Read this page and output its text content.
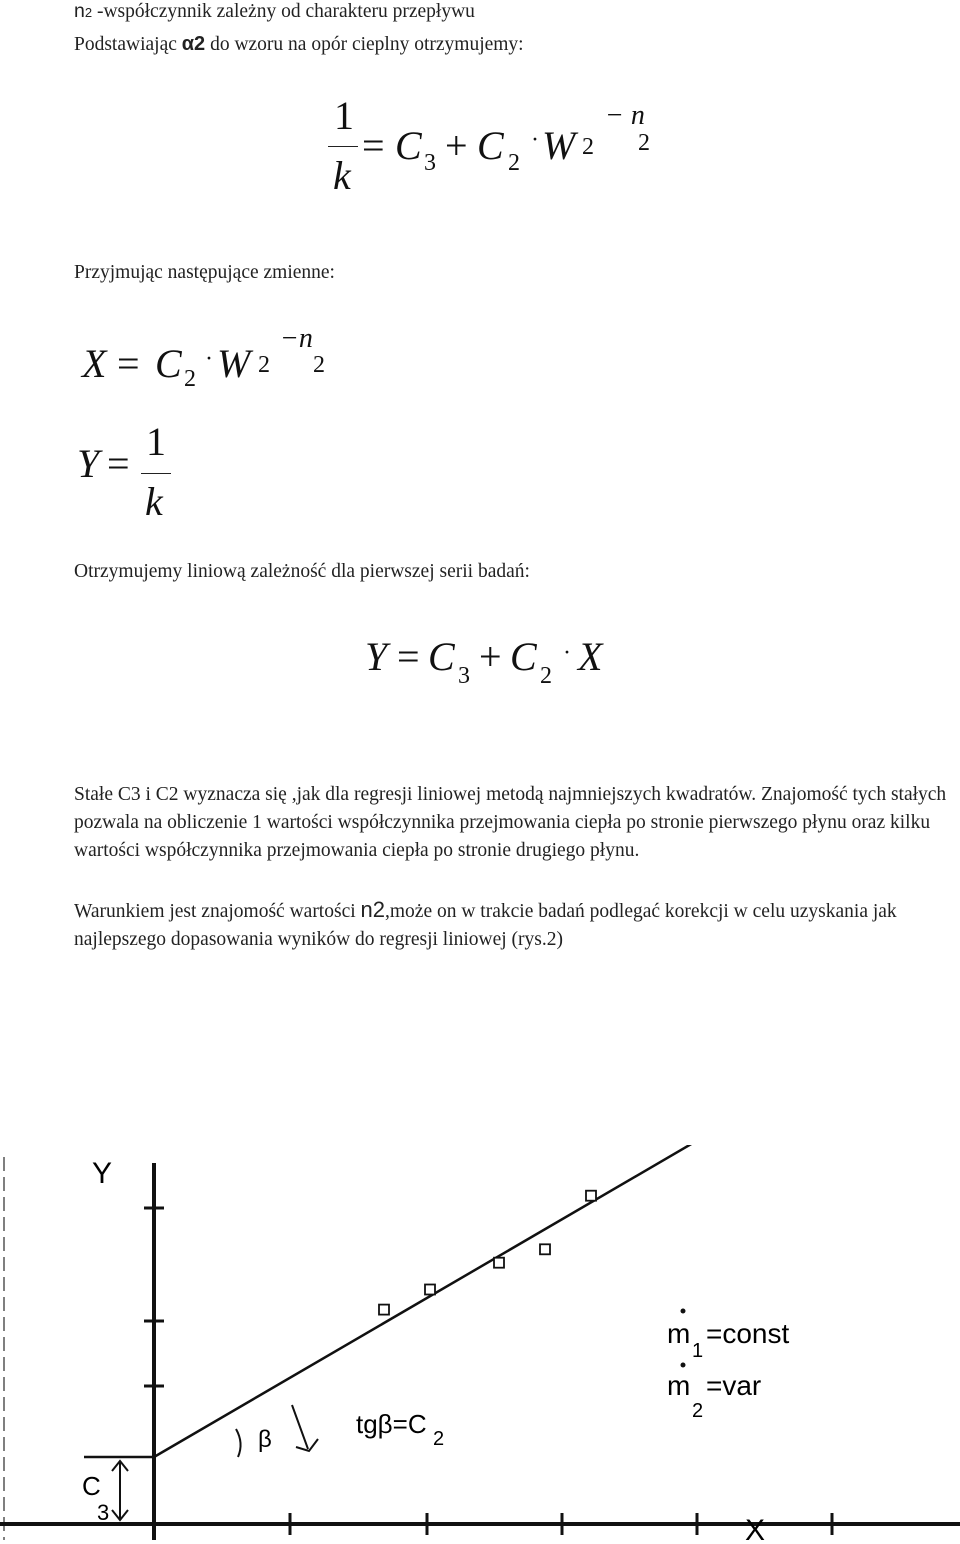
n2 -współczynnik zależny od charakteru przepływu
Podstawiając α2 do wzoru na opór cieplny otrzymujemy:
1
k
= C 3 + C 2
· W 2
− n
2
Przyjmując następujące zmienne:
X = C 2
· W 2
−n
2
Y = 1
k
Otrzymujemy liniową zależność dla pierwszej serii badań:
Y = C 3 + C 2
· X
Stałe C3 i C2 wyznacza się ,jak dla regresji liniowej metodą najmniejszych kwadratów. Znajomość tych stałych pozwala na obliczenie 1 wartości współczynnika przejmowania ciepła po stronie pierwszego płynu oraz kilku wartości współczynnika przejmowania ciepła po stronie drugiego płynu.
Warunkiem jest znajomość wartości n2,może on w trakcie badań podlegać korekcji w celu uzyskania jak najlepszego dopasowania wyników do regresji liniowej (rys.2)
Y
X
C
3
β
tgβ=C 2
m
1
=const
m
2
=var
